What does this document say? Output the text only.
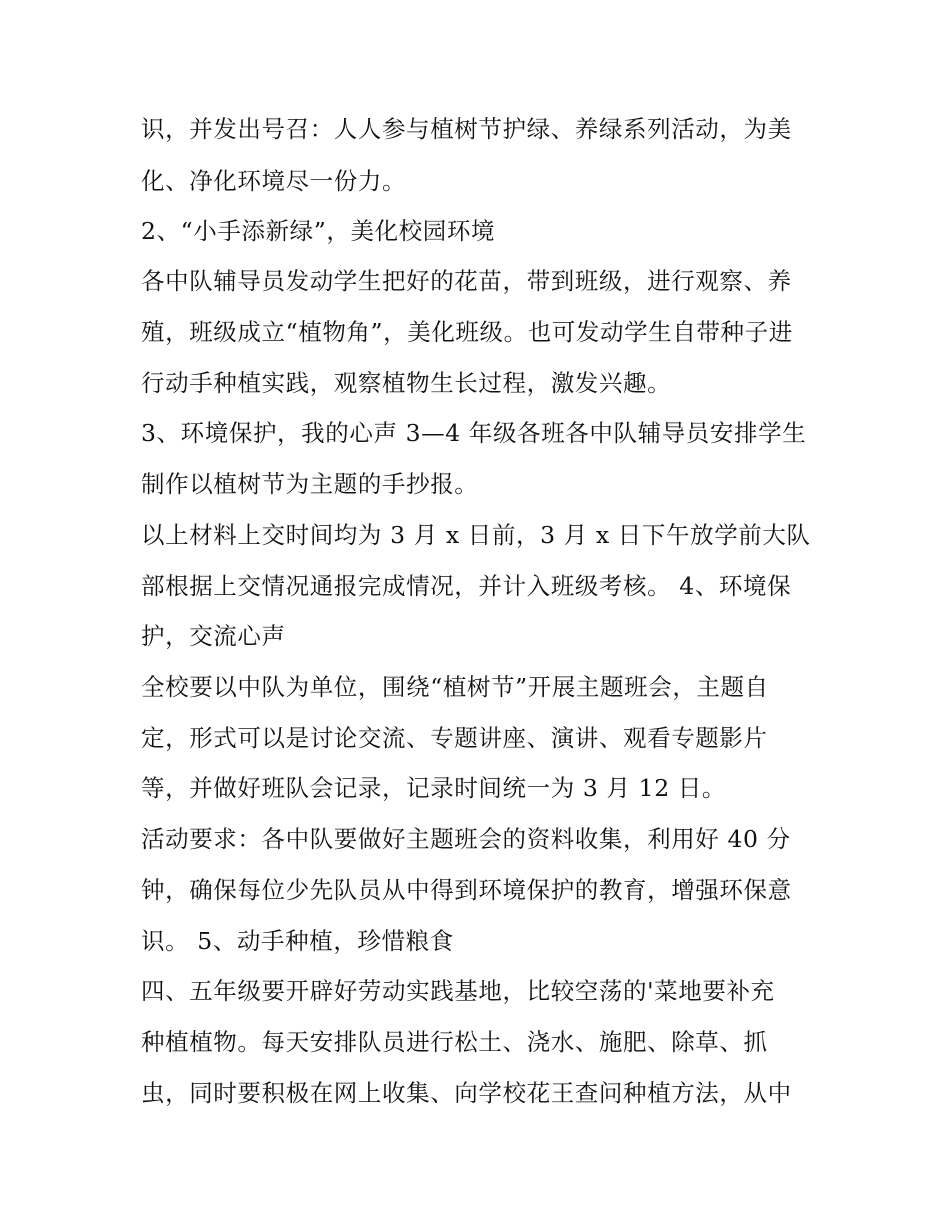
识，并发出号召：人人参与植树节护绿、养绿系列活动，为美
化、净化环境尽一份力。
2、“小手添新绿”，美化校园环境
各中队辅导员发动学生把好的花苗，带到班级，进行观察、养
殖，班级成立“植物角”，美化班级。也可发动学生自带种子进
行动手种植实践，观察植物生长过程，激发兴趣。
3、环境保护，我的心声 3—4 年级各班各中队辅导员安排学生
制作以植树节为主题的手抄报。
以上材料上交时间均为 3 月 x 日前，3 月 x 日下午放学前大队
部根据上交情况通报完成情况，并计入班级考核。 4、环境保
护，交流心声
全校要以中队为单位，围绕“植树节”开展主题班会，主题自
定，形式可以是讨论交流、专题讲座、演讲、观看专题影片
等，并做好班队会记录，记录时间统一为 3 月 12 日。
活动要求：各中队要做好主题班会的资料收集，利用好 40 分
钟，确保每位少先队员从中得到环境保护的教育，增强环保意
识。 5、动手种植，珍惜粮食
四、五年级要开辟好劳动实践基地，比较空荡的'菜地要补充
种植植物。每天安排队员进行松土、浇水、施肥、除草、抓
虫，同时要积极在网上收集、向学校花王查问种植方法，从中
